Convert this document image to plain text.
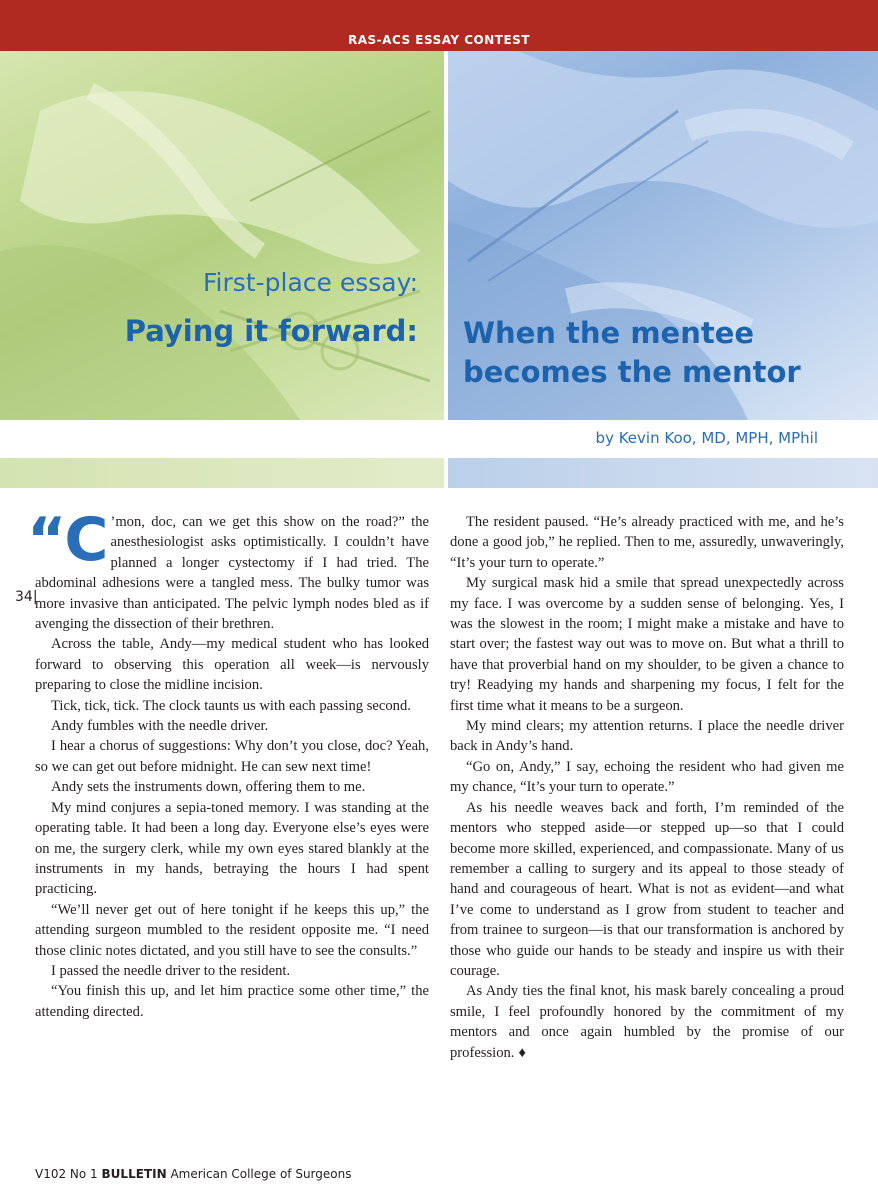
RAS-ACS ESSAY CONTEST
First-place essay:
Paying it forward: When the mentee becomes the mentor
by Kevin Koo, MD, MPH, MPhil
34|

“C ’mon, doc, can we get this show on the road?” the anesthesiologist asks optimistically. I couldn’t have planned a longer cystectomy if I had tried. The abdominal adhesions were a tangled mess. The bulky tumor was more invasive than anticipated. The pelvic lymph nodes bled as if avenging the dissection of their brethren.

Across the table, Andy—my medical student who has looked forward to observing this operation all week—is nervously preparing to close the midline incision.

Tick, tick, tick. The clock taunts us with each passing second.

Andy fumbles with the needle driver.

I hear a chorus of suggestions: Why don’t you close, doc? Yeah, so we can get out before midnight. He can sew next time!

Andy sets the instruments down, offering them to me.

My mind conjures a sepia-toned memory. I was standing at the operating table. It had been a long day. Everyone else’s eyes were on me, the surgery clerk, while my own eyes stared blankly at the instruments in my hands, betraying the hours I had spent practicing.

“We’ll never get out of here tonight if he keeps this up,” the attending surgeon mumbled to the resident opposite me. “I need those clinic notes dictated, and you still have to see the consults.”

I passed the needle driver to the resident.

“You finish this up, and let him practice some other time,” the attending directed.

The resident paused. “He’s already practiced with me, and he’s done a good job,” he replied. Then to me, assuredly, unwaveringly, “It’s your turn to operate.”

My surgical mask hid a smile that spread unexpectedly across my face. I was overcome by a sudden sense of belonging. Yes, I was the slowest in the room; I might make a mistake and have to start over; the fastest way out was to move on. But what a thrill to have that proverbial hand on my shoulder, to be given a chance to try! Readying my hands and sharpening my focus, I felt for the first time what it means to be a surgeon.

My mind clears; my attention returns. I place the needle driver back in Andy’s hand.

“Go on, Andy,” I say, echoing the resident who had given me my chance, “It’s your turn to operate.”

As his needle weaves back and forth, I’m reminded of the mentors who stepped aside—or stepped up—so that I could become more skilled, experienced, and compassionate. Many of us remember a calling to surgery and its appeal to those steady of hand and courageous of heart. What is not as evident—and what I’ve come to understand as I grow from student to teacher and from trainee to surgeon—is that our transformation is anchored by those who guide our hands to be steady and inspire us with their courage.

As Andy ties the final knot, his mask barely concealing a proud smile, I feel profoundly honored by the commitment of my mentors and once again humbled by the promise of our profession. ♦

V102 No 1 BULLETIN American College of Surgeons
